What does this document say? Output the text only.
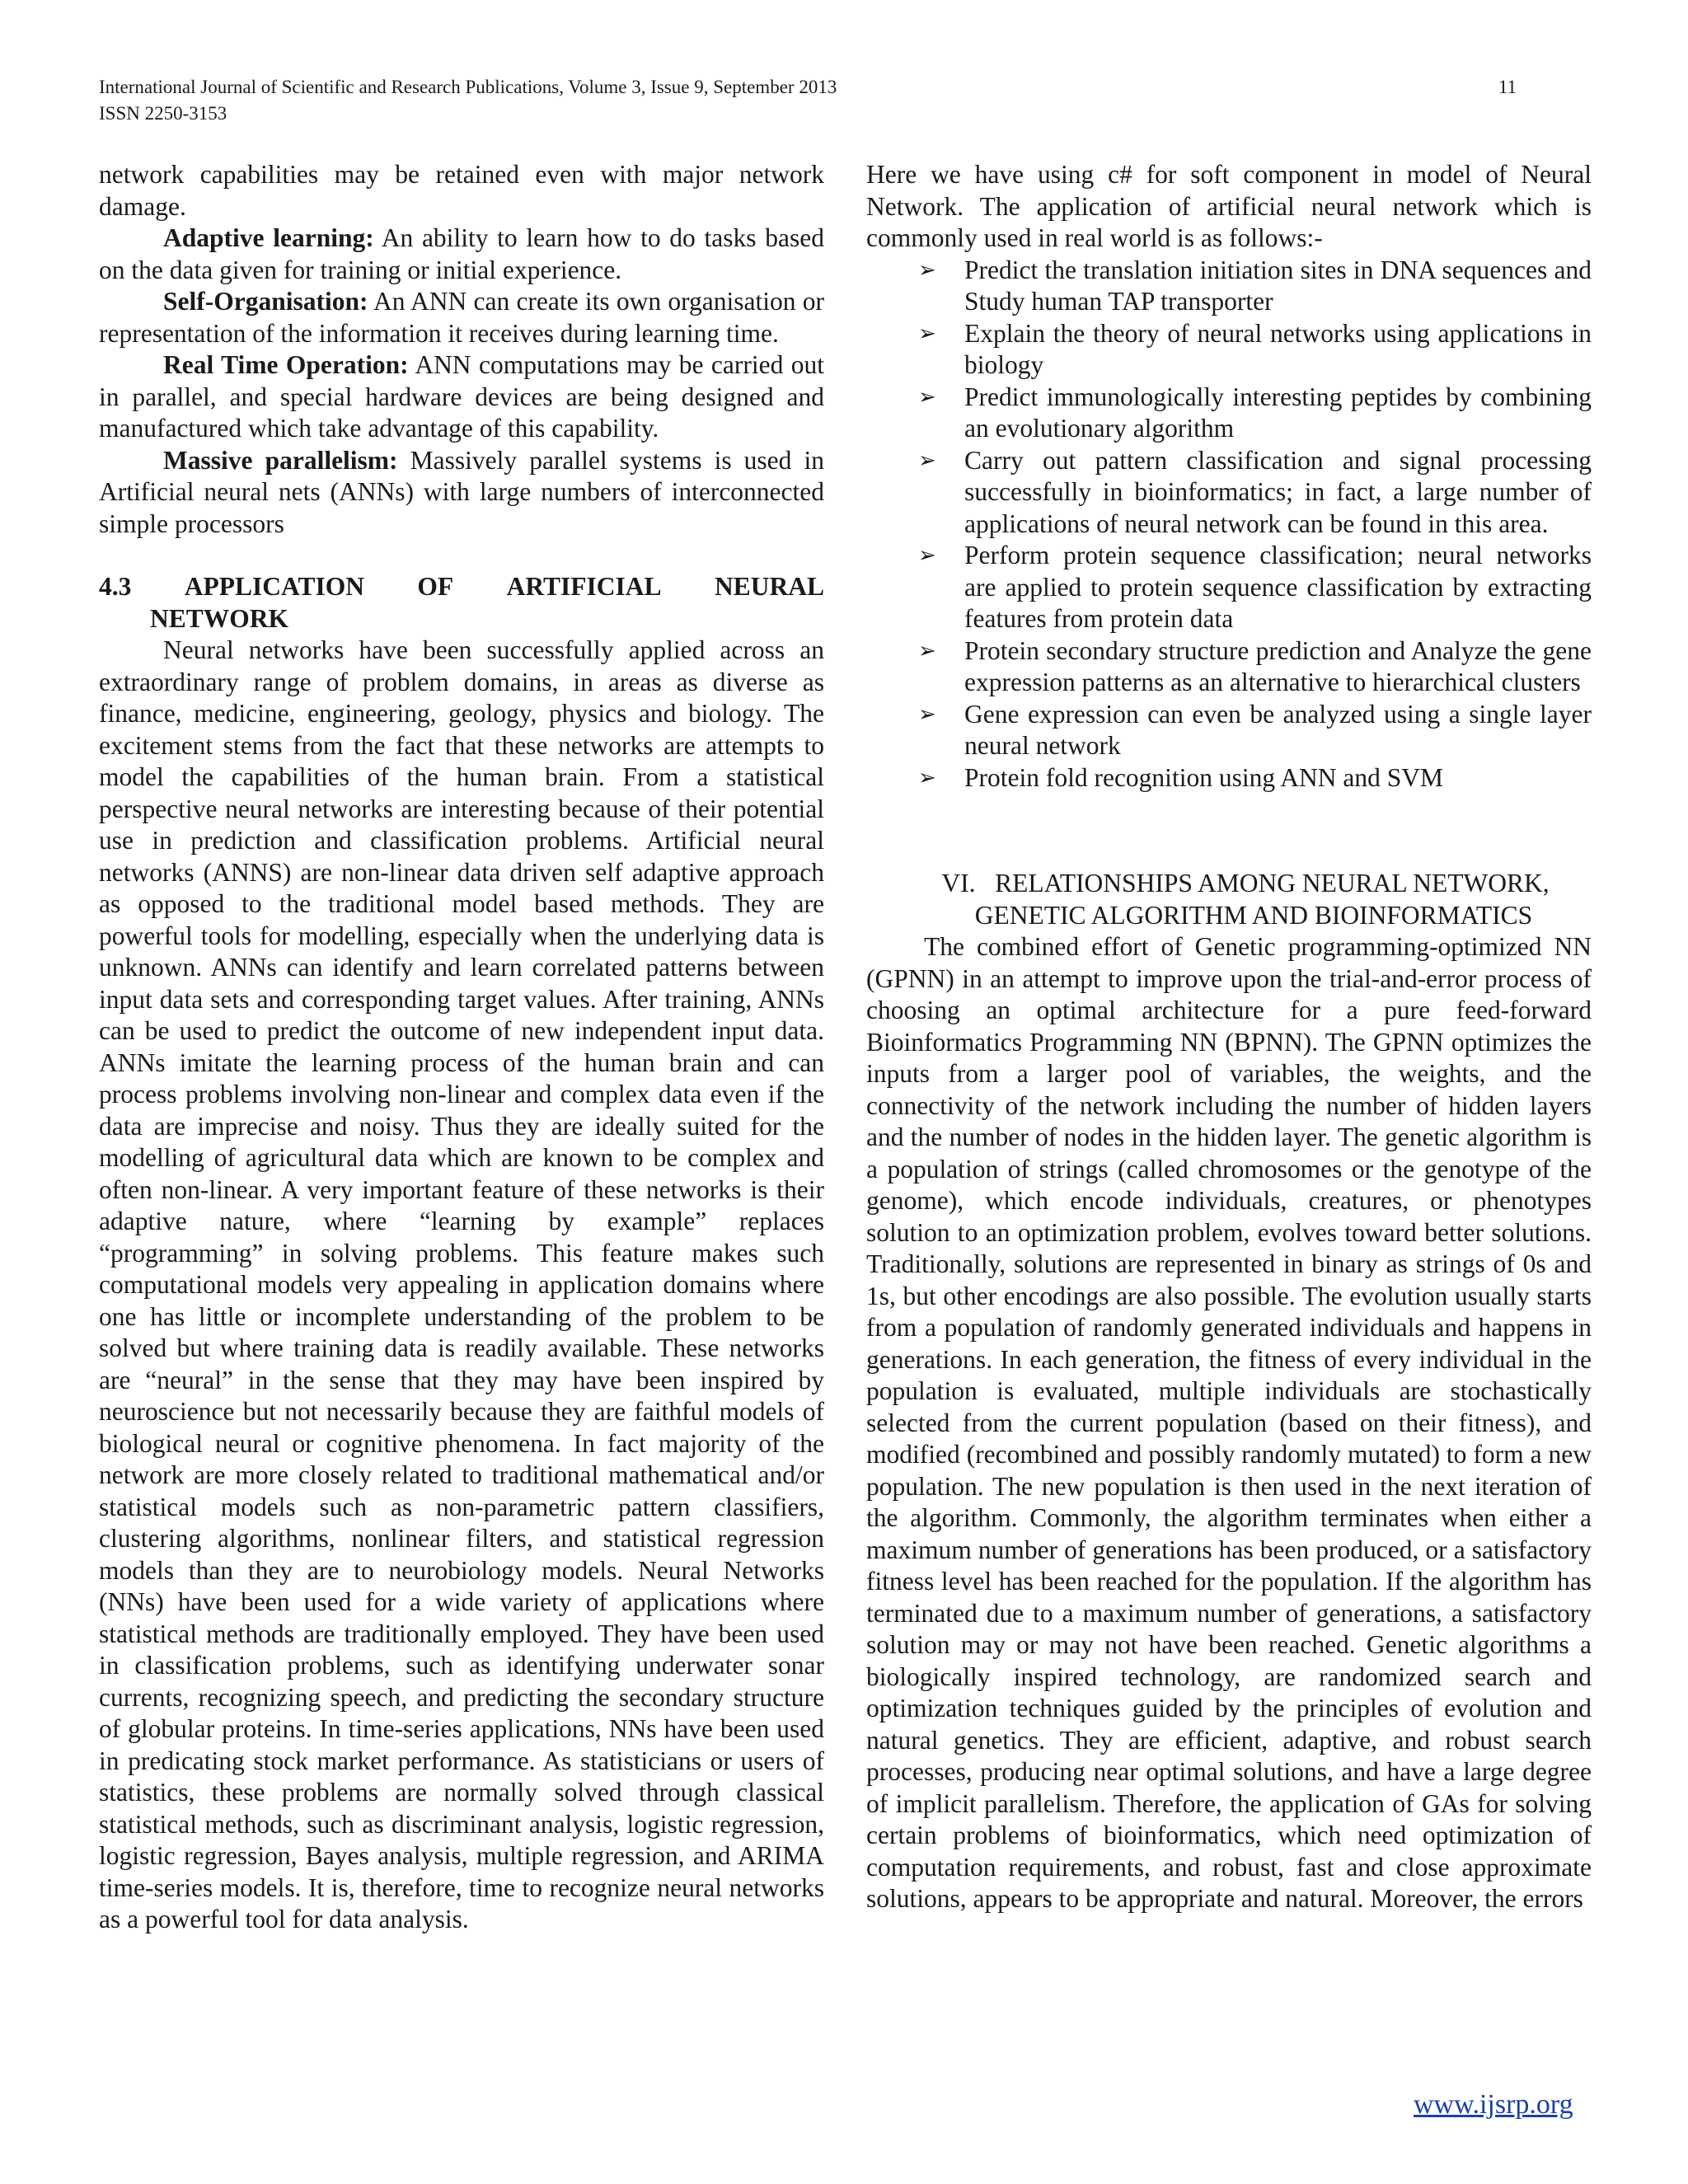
International Journal of Scientific and Research Publications, Volume 3, Issue 9, September 2013
ISSN 2250-3153
11

network capabilities may be retained even with major network damage.

Adaptive learning: An ability to learn how to do tasks based on the data given for training or initial experience.

Self-Organisation: An ANN can create its own organisation or representation of the information it receives during learning time.

Real Time Operation: ANN computations may be carried out in parallel, and special hardware devices are being designed and manufactured which take advantage of this capability.

Massive parallelism: Massively parallel systems is used in Artificial neural nets (ANNs) with large numbers of interconnected simple processors

4.3 APPLICATION OF ARTIFICIAL NEURAL
NETWORK

Neural networks have been successfully applied across an extraordinary range of problem domains, in areas as diverse as finance, medicine, engineering, geology, physics and biology. The excitement stems from the fact that these networks are attempts to model the capabilities of the human brain. From a statistical perspective neural networks are interesting because of their potential use in prediction and classification problems. Artificial neural networks (ANNS) are non-linear data driven self adaptive approach as opposed to the traditional model based methods. They are powerful tools for modelling, especially when the underlying data is unknown. ANNs can identify and learn correlated patterns between input data sets and corresponding target values. After training, ANNs can be used to predict the outcome of new independent input data. ANNs imitate the learning process of the human brain and can process problems involving non-linear and complex data even if the data are imprecise and noisy. Thus they are ideally suited for the modelling of agricultural data which are known to be complex and often non-linear. A very important feature of these networks is their adaptive nature, where “learning by example” replaces “programming” in solving problems. This feature makes such computational models very appealing in application domains where one has little or incomplete understanding of the problem to be solved but where training data is readily available. These networks are “neural” in the sense that they may have been inspired by neuroscience but not necessarily because they are faithful models of biological neural or cognitive phenomena. In fact majority of the network are more closely related to traditional mathematical and/or statistical models such as non-parametric pattern classifiers, clustering algorithms, nonlinear filters, and statistical regression models than they are to neurobiology models. Neural Networks (NNs) have been used for a wide variety of applications where statistical methods are traditionally employed. They have been used in classification problems, such as identifying underwater sonar currents, recognizing speech, and predicting the secondary structure of globular proteins. In time-series applications, NNs have been used in predicating stock market performance. As statisticians or users of statistics, these problems are normally solved through classical statistical methods, such as discriminant analysis, logistic regression, logistic regression, Bayes analysis, multiple regression, and ARIMA time-series models. It is, therefore, time to recognize neural networks as a powerful tool for data analysis.

Here we have using c# for soft component in model of Neural Network. The application of artificial neural network which is commonly used in real world is as follows:-

➢ Predict the translation initiation sites in DNA sequences and Study human TAP transporter
➢ Explain the theory of neural networks using applications in biology
➢ Predict immunologically interesting peptides by combining an evolutionary algorithm
➢ Carry out pattern classification and signal processing successfully in bioinformatics; in fact, a large number of applications of neural network can be found in this area.
➢ Perform protein sequence classification; neural networks are applied to protein sequence classification by extracting features from protein data
➢ Protein secondary structure prediction and Analyze the gene expression patterns as an alternative to hierarchical clusters
➢ Gene expression can even be analyzed using a single layer neural network
➢ Protein fold recognition using ANN and SVM
VI. RELATIONSHIPS AMONG NEURAL NETWORK,
GENETIC ALGORITHM AND BIOINFORMATICS

The combined effort of Genetic programming-optimized NN (GPNN) in an attempt to improve upon the trial-and-error process of choosing an optimal architecture for a pure feed-forward Bioinformatics Programming NN (BPNN). The GPNN optimizes the inputs from a larger pool of variables, the weights, and the connectivity of the network including the number of hidden layers and the number of nodes in the hidden layer. The genetic algorithm is a population of strings (called chromosomes or the genotype of the genome), which encode individuals, creatures, or phenotypes solution to an optimization problem, evolves toward better solutions. Traditionally, solutions are represented in binary as strings of 0s and 1s, but other encodings are also possible. The evolution usually starts from a population of randomly generated individuals and happens in generations. In each generation, the fitness of every individual in the population is evaluated, multiple individuals are stochastically selected from the current population (based on their fitness), and modified (recombined and possibly randomly mutated) to form a new population. The new population is then used in the next iteration of the algorithm. Commonly, the algorithm terminates when either a maximum number of generations has been produced, or a satisfactory fitness level has been reached for the population. If the algorithm has terminated due to a maximum number of generations, a satisfactory solution may or may not have been reached. Genetic algorithms a biologically inspired technology, are randomized search and optimization techniques guided by the principles of evolution and natural genetics. They are efficient, adaptive, and robust search processes, producing near optimal solutions, and have a large degree of implicit parallelism. Therefore, the application of GAs for solving certain problems of bioinformatics, which need optimization of computation requirements, and robust, fast and close approximate solutions, appears to be appropriate and natural. Moreover, the errors

www.ijsrp.org
